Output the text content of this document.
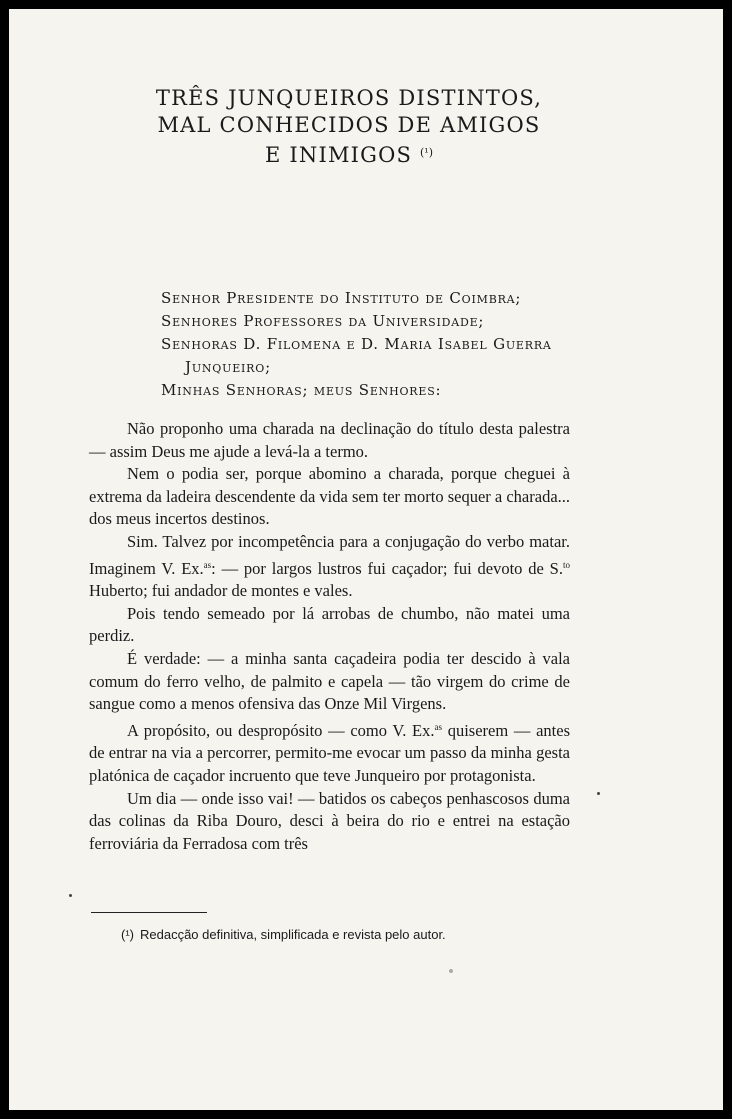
TRÊS JUNQUEIROS DISTINTOS,
MAL CONHECIDOS DE AMIGOS
E INIMIGOS $^{(^1)}$
Senhor Presidente do Instituto de Coimbra;
Senhores Professores da Universidade;
Senhoras D. Filomena e D. Maria Isabel Guerra
Junqueiro;
Minhas Senhoras; meus Senhores:

Não proponho uma charada na declinação do título desta palestra — assim Deus me ajude a levá-la a termo.

Nem o podia ser, porque abomino a charada, porque cheguei à extrema da ladeira descendente da vida sem ter morto sequer a charada... dos meus incertos destinos.

Sim. Talvez por incompetência para a conjugação do verbo matar. Imaginem V. Ex.$^{as}$: — por largos lustros fui caçador; fui devoto de S.$^{to}$ Huberto; fui andador de montes e vales.

Pois tendo semeado por lá arrobas de chumbo, não matei uma perdiz.

É verdade: — a minha santa caçadeira podia ter descido à vala comum do ferro velho, de palmito e capela — tão virgem do crime de sangue como a menos ofensiva das Onze Mil Virgens.

A propósito, ou despropósito — como V. Ex.$^{as}$ quiserem — antes de entrar na via a percorrer, permito-me evocar um passo da minha gesta platónica de caçador incruento que teve Junqueiro por protagonista.

Um dia — onde isso vai! — batidos os cabeços penhascosos duma das colinas da Riba Douro, desci à beira do rio e entrei na estação ferroviária da Ferradosa com três

(¹) Redacção definitiva, simplificada e revista pelo autor.
